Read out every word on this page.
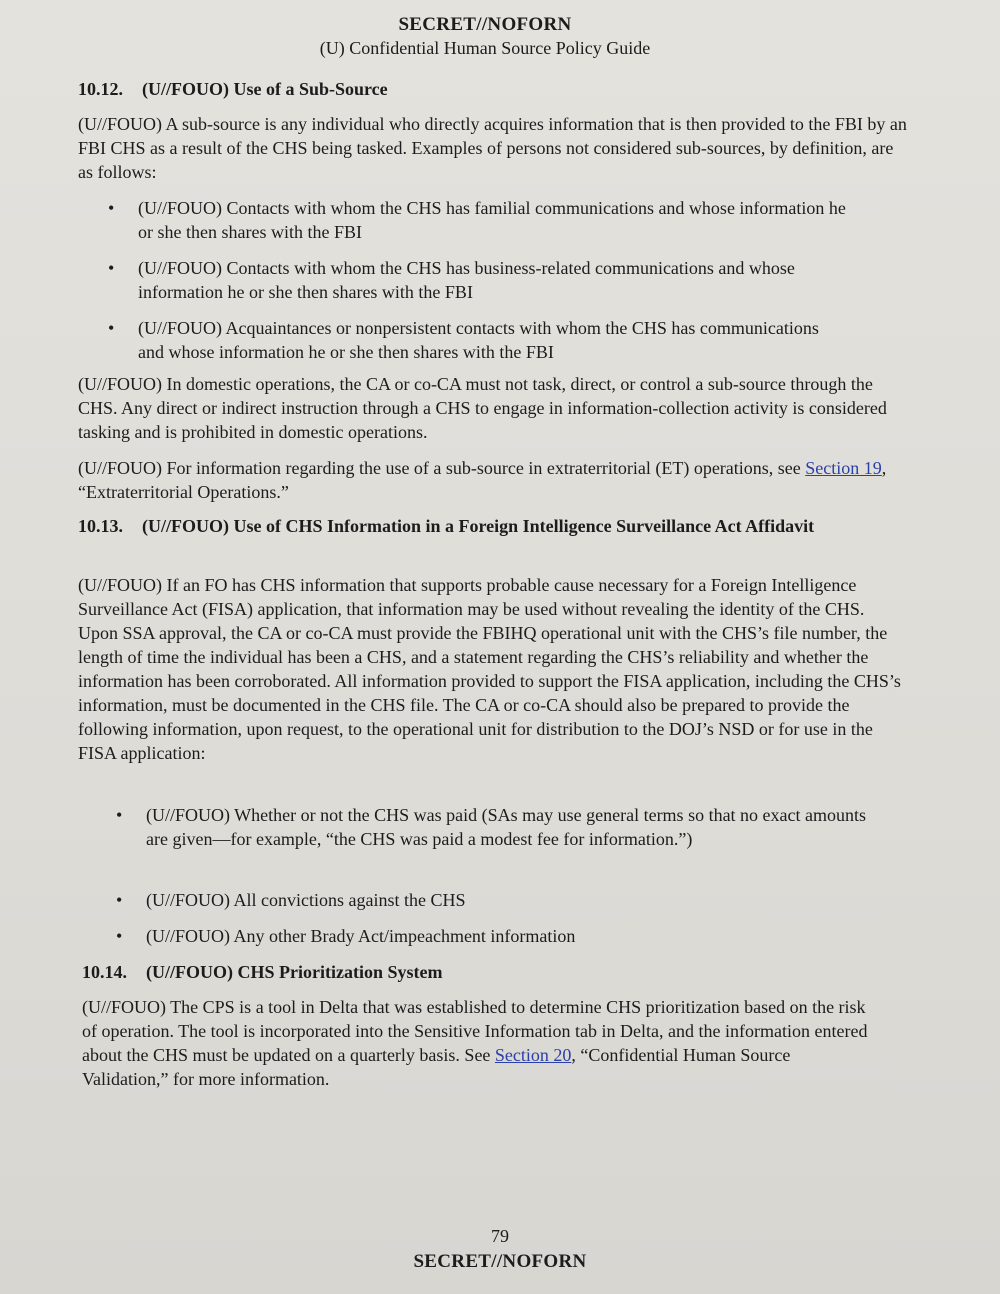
SECRET//NOFORN
(U) Confidential Human Source Policy Guide
10.12. (U//FOUO) Use of a Sub-Source

(U//FOUO) A sub-source is any individual who directly acquires information that is then provided to the FBI by an FBI CHS as a result of the CHS being tasked. Examples of persons not considered sub-sources, by definition, are as follows:

• (U//FOUO) Contacts with whom the CHS has familial communications and whose information he or she then shares with the FBI
• (U//FOUO) Contacts with whom the CHS has business-related communications and whose information he or she then shares with the FBI
• (U//FOUO) Acquaintances or nonpersistent contacts with whom the CHS has communications and whose information he or she then shares with the FBI

(U//FOUO) In domestic operations, the CA or co-CA must not task, direct, or control a sub-source through the CHS. Any direct or indirect instruction through a CHS to engage in information-collection activity is considered tasking and is prohibited in domestic operations.

(U//FOUO) For information regarding the use of a sub-source in extraterritorial (ET) operations, see Section 19, “Extraterritorial Operations.”

10.13. (U//FOUO) Use of CHS Information in a Foreign Intelligence Surveillance Act Affidavit

(U//FOUO) If an FO has CHS information that supports probable cause necessary for a Foreign Intelligence Surveillance Act (FISA) application, that information may be used without revealing the identity of the CHS. Upon SSA approval, the CA or co-CA must provide the FBIHQ operational unit with the CHS’s file number, the length of time the individual has been a CHS, and a statement regarding the CHS’s reliability and whether the information has been corroborated. All information provided to support the FISA application, including the CHS’s information, must be documented in the CHS file. The CA or co-CA should also be prepared to provide the following information, upon request, to the operational unit for distribution to the DOJ’s NSD or for use in the FISA application:

• (U//FOUO) Whether or not the CHS was paid (SAs may use general terms so that no exact amounts are given—for example, “the CHS was paid a modest fee for information.”)
• (U//FOUO) All convictions against the CHS
• (U//FOUO) Any other Brady Act/impeachment information
10.14. (U//FOUO) CHS Prioritization System

(U//FOUO) The CPS is a tool in Delta that was established to determine CHS prioritization based on the risk of operation. The tool is incorporated into the Sensitive Information tab in Delta, and the information entered about the CHS must be updated on a quarterly basis. See Section 20, “Confidential Human Source Validation,” for more information.

79
SECRET//NOFORN
